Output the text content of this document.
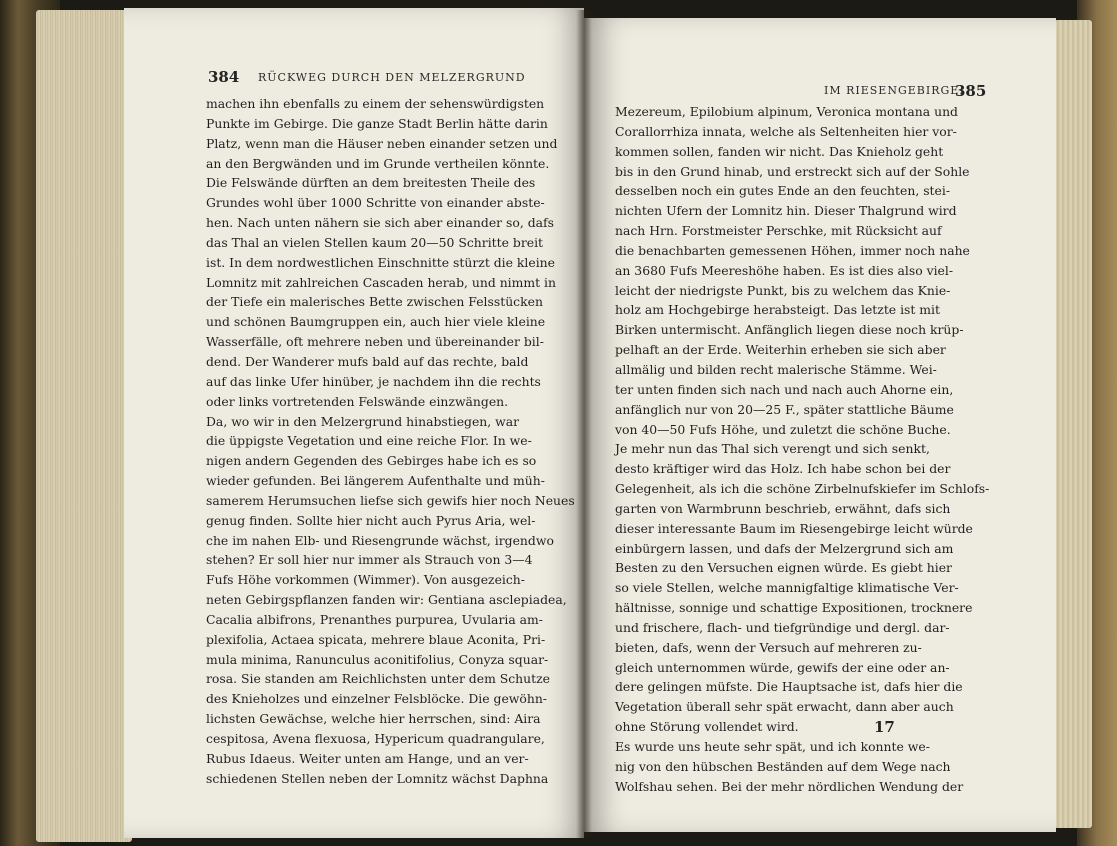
384 RÜCKWEG DURCH DEN MELZERGRUND
machen ihn ebenfalls zu einem der sehenswürdigsten
Punkte im Gebirge. Die ganze Stadt Berlin hätte darin
Platz, wenn man die Häuser neben einander setzen und
an den Bergwänden und im Grunde vertheilen könnte.
Die Felswände dürften an dem breitesten Theile des
Grundes wohl über 1000 Schritte von einander abste-
hen. Nach unten nähern sie sich aber einander so, dafs
das Thal an vielen Stellen kaum 20—50 Schritte breit
ist. In dem nordwestlichen Einschnitte stürzt die kleine
Lomnitz mit zahlreichen Cascaden herab, und nimmt in
der Tiefe ein malerisches Bette zwischen Felsstücken
und schönen Baumgruppen ein, auch hier viele kleine
Wasserfälle, oft mehrere neben und übereinander bil-
dend. Der Wanderer mufs bald auf das rechte, bald
auf das linke Ufer hinüber, je nachdem ihn die rechts
oder links vortretenden Felswände einzwängen.
Da, wo wir in den Melzergrund hinabstiegen, war
die üppigste Vegetation und eine reiche Flor. In we-
nigen andern Gegenden des Gebirges habe ich es so
wieder gefunden. Bei längerem Aufenthalte und müh-
samerem Herumsuchen liefse sich gewifs hier noch Neues
genug finden. Sollte hier nicht auch Pyrus Aria, wel-
che im nahen Elb- und Riesengrunde wächst, irgendwo
stehen? Er soll hier nur immer als Strauch von 3—4
Fufs Höhe vorkommen (Wimmer). Von ausgezeich-
neten Gebirgspflanzen fanden wir: Gentiana asclepiadea,
Cacalia albifrons, Prenanthes purpurea, Uvularia am-
plexifolia, Actaea spicata, mehrere blaue Aconita, Pri-
mula minima, Ranunculus aconitifolius, Conyza squar-
rosa. Sie standen am Reichlichsten unter dem Schutze
des Knieholzes und einzelner Felsblöcke. Die gewöhn-
lichsten Gewächse, welche hier herrschen, sind: Aira
cespitosa, Avena flexuosa, Hypericum quadrangulare,
Rubus Idaeus. Weiter unten am Hange, und an ver-
schiedenen Stellen neben der Lomnitz wächst Daphna
IM RIESENGEBIRGE.
385
Mezereum, Epilobium alpinum, Veronica montana und
Corallorrhiza innata, welche als Seltenheiten hier vor-
kommen sollen, fanden wir nicht. Das Knieholz geht
bis in den Grund hinab, und erstreckt sich auf der Sohle
desselben noch ein gutes Ende an den feuchten, stei-
nichten Ufern der Lomnitz hin. Dieser Thalgrund wird
nach Hrn. Forstmeister Perschke, mit Rücksicht auf
die benachbarten gemessenen Höhen, immer noch nahe
an 3680 Fufs Meereshöhe haben. Es ist dies also viel-
leicht der niedrigste Punkt, bis zu welchem das Knie-
holz am Hochgebirge herabsteigt. Das letzte ist mit
Birken untermischt. Anfänglich liegen diese noch krüp-
pelhaft an der Erde. Weiterhin erheben sie sich aber
allmälig und bilden recht malerische Stämme. Wei-
ter unten finden sich nach und nach auch Ahorne ein,
anfänglich nur von 20—25 F., später stattliche Bäume
von 40—50 Fufs Höhe, und zuletzt die schöne Buche.
Je mehr nun das Thal sich verengt und sich senkt,
desto kräftiger wird das Holz. Ich habe schon bei der
Gelegenheit, als ich die schöne Zirbelnufskiefer im Schlofs-
garten von Warmbrunn beschrieb, erwähnt, dafs sich
dieser interessante Baum im Riesengebirge leicht würde
einbürgern lassen, und dafs der Melzergrund sich am
Besten zu den Versuchen eignen würde. Es giebt hier
so viele Stellen, welche mannigfaltige klimatische Ver-
hältnisse, sonnige und schattige Expositionen, trocknere
und frischere, flach- und tiefgründige und dergl. dar-
bieten, dafs, wenn der Versuch auf mehreren zu-
gleich unternommen würde, gewifs der eine oder an-
dere gelingen müfste. Die Hauptsache ist, dafs hier die
Vegetation überall sehr spät erwacht, dann aber auch
ohne Störung vollendet wird.
Es wurde uns heute sehr spät, und ich konnte we-
nig von den hübschen Beständen auf dem Wege nach
Wolfshau sehen. Bei der mehr nördlichen Wendung der
17
